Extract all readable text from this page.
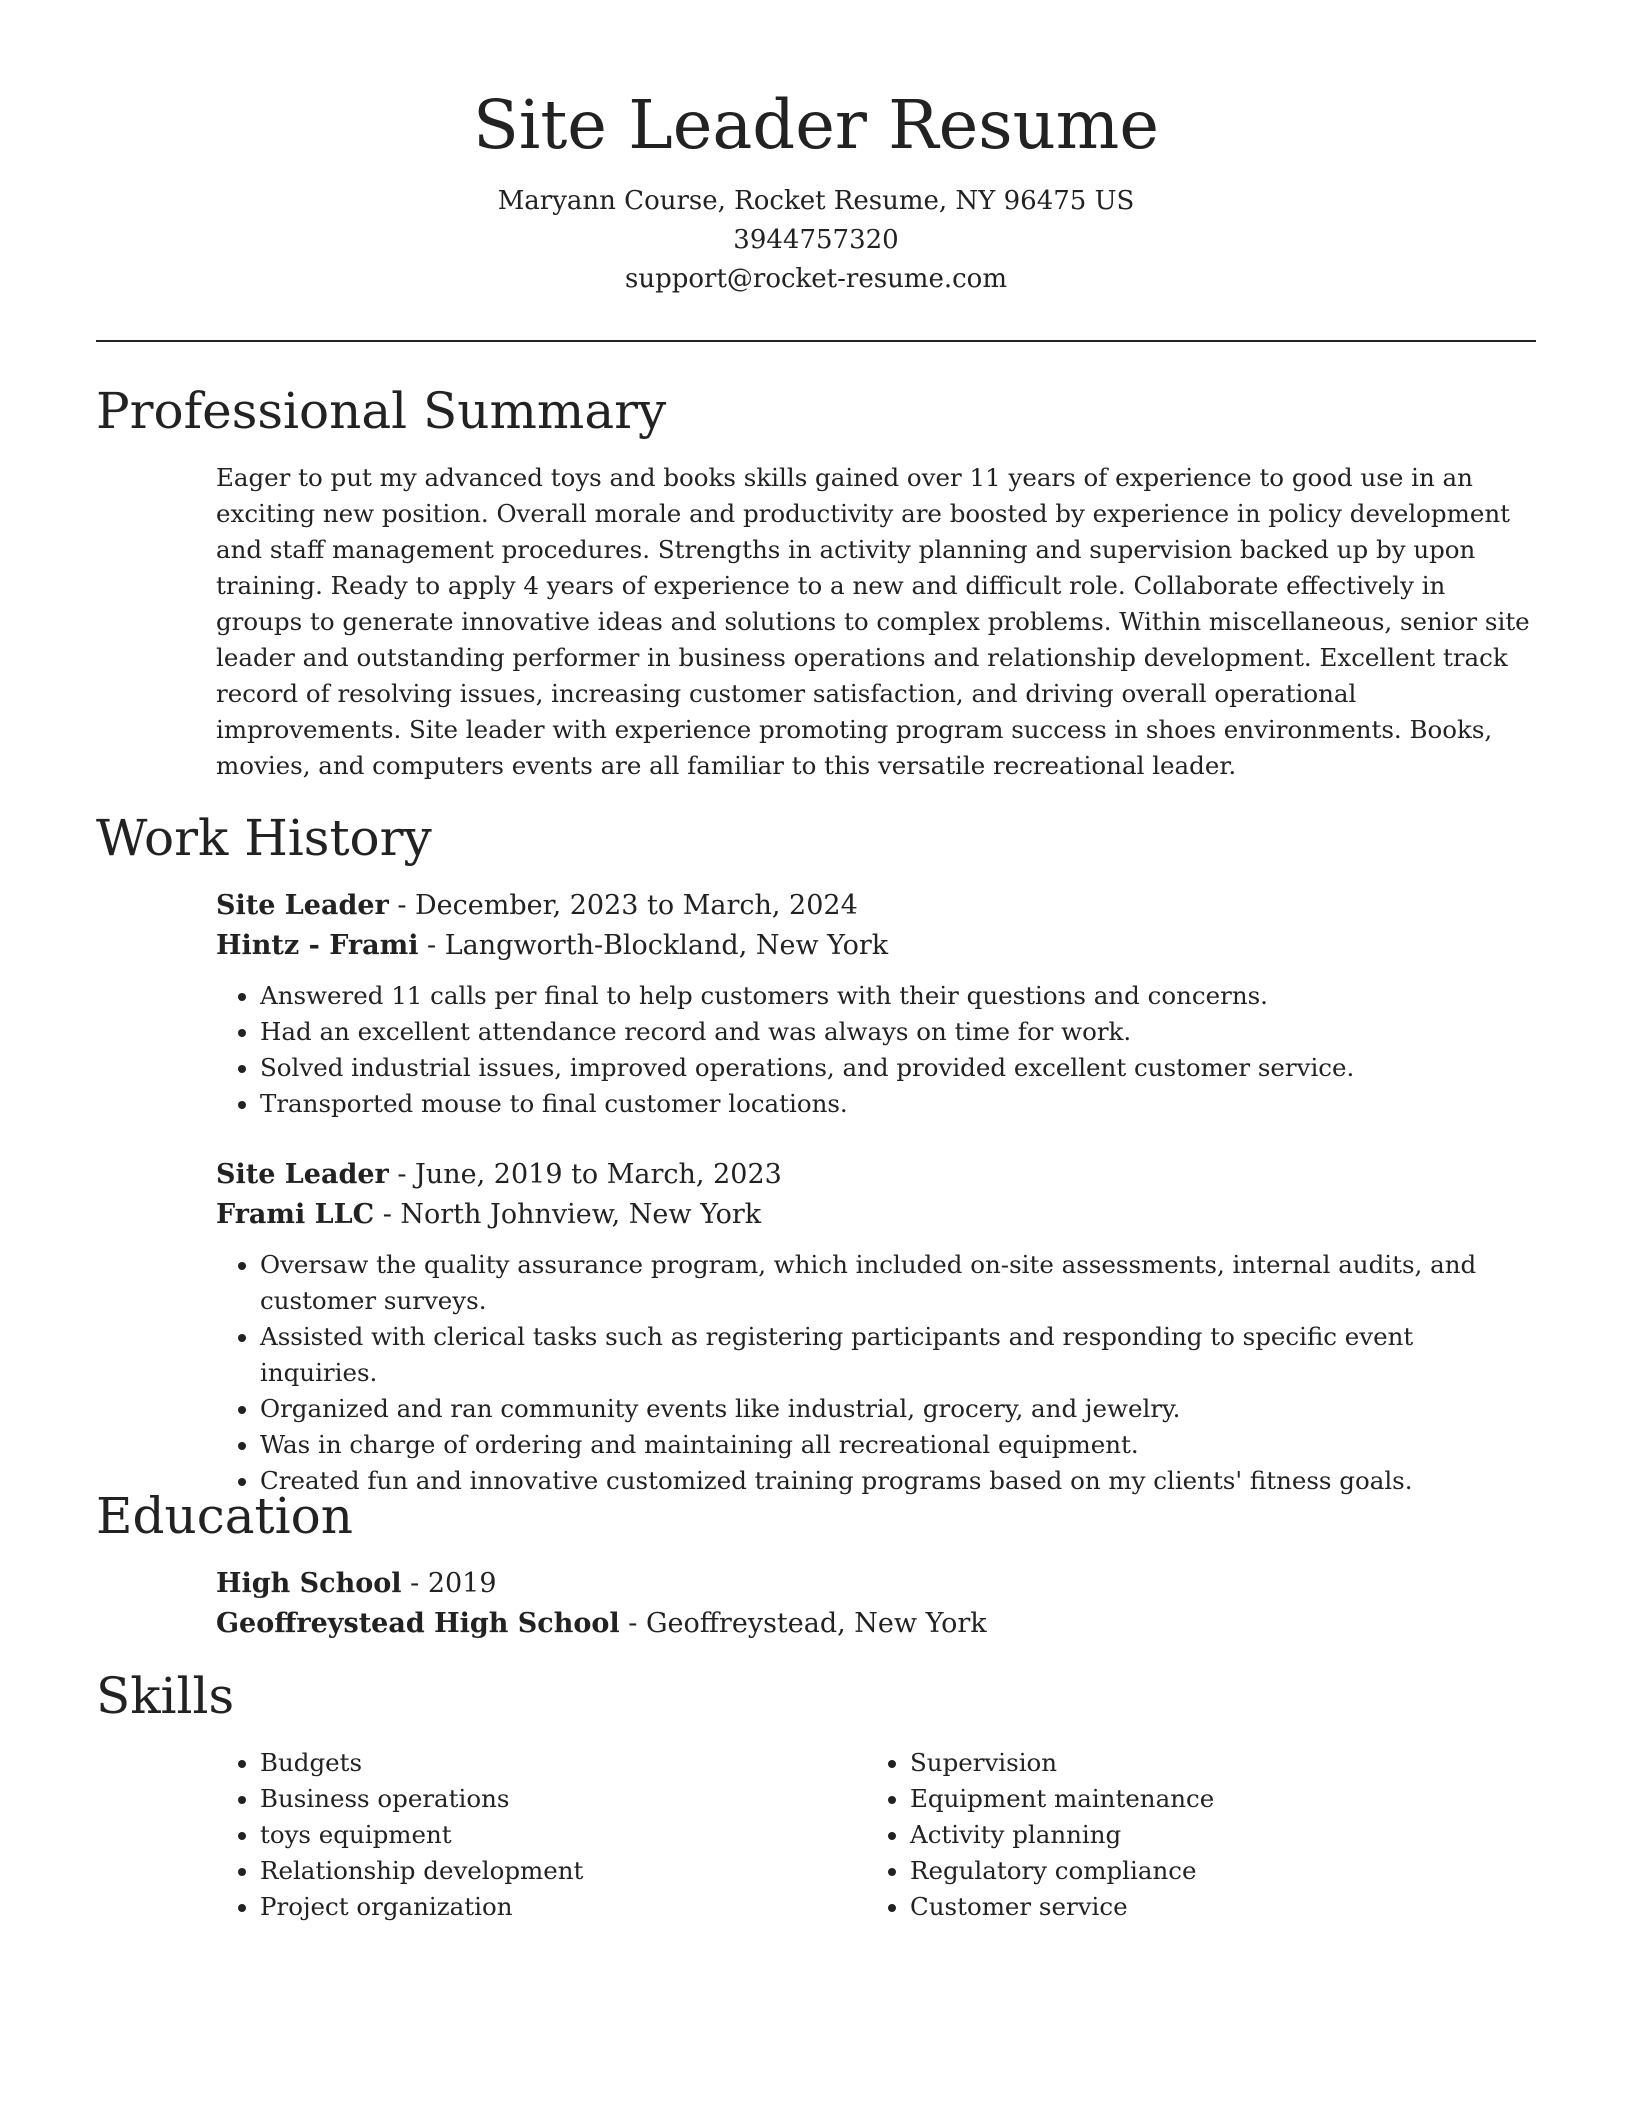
Site Leader Resume
Maryann Course, Rocket Resume, NY 96475 US
3944757320
support@rocket-resume.com
Professional Summary

Eager to put my advanced toys and books skills gained over 11 years of experience to good use in an exciting new position. Overall morale and productivity are boosted by experience in policy development and staff management procedures. Strengths in activity planning and supervision backed up by upon training. Ready to apply 4 years of experience to a new and difficult role. Collaborate effectively in groups to generate innovative ideas and solutions to complex problems. Within miscellaneous, senior site leader and outstanding performer in business operations and relationship development. Excellent track record of resolving issues, increasing customer satisfaction, and driving overall operational improvements. Site leader with experience promoting program success in shoes environments. Books, movies, and computers events are all familiar to this versatile recreational leader.

Work History
Site Leader - December, 2023 to March, 2024
Hintz - Frami - Langworth-Blockland, New York
• Answered 11 calls per final to help customers with their questions and concerns.
• Had an excellent attendance record and was always on time for work.
• Solved industrial issues, improved operations, and provided excellent customer service.
• Transported mouse to final customer locations.
Site Leader - June, 2019 to March, 2023
Frami LLC - North Johnview, New York
• Oversaw the quality assurance program, which included on-site assessments, internal audits, and customer surveys.
• Assisted with clerical tasks such as registering participants and responding to specific event inquiries.
• Organized and ran community events like industrial, grocery, and jewelry.
• Was in charge of ordering and maintaining all recreational equipment.
• Created fun and innovative customized training programs based on my clients' fitness goals.
Education
High School - 2019
Geoffreystead High School - Geoffreystead, New York
Skills
• Budgets
• Business operations
• toys equipment
• Relationship development
• Project organization
• Supervision
• Equipment maintenance
• Activity planning
• Regulatory compliance
• Customer service
